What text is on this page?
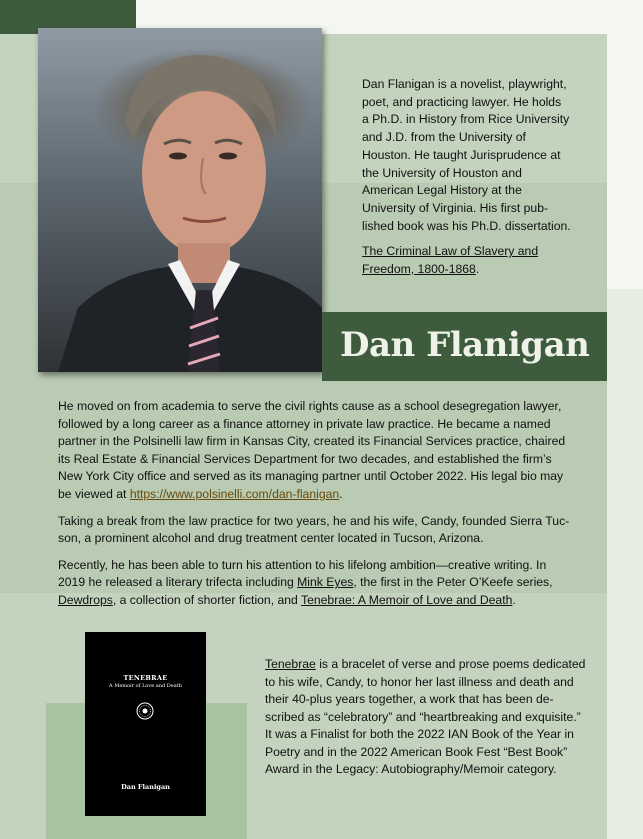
Dan Flanigan is a novelist, playwright,
poet, and practicing lawyer. He holds
a Ph.D. in History from Rice University
and J.D. from the University of
Houston. He taught Jurisprudence at
the University of Houston and
American Legal History at the
University of Virginia. His first pub-
lished book was his Ph.D. dissertation.

The Criminal Law of Slavery and
Freedom, 1800-1868.

Dan Flanigan

He moved on from academia to serve the civil rights cause as a school desegregation lawyer,
followed by a long career as a finance attorney in private law practice. He became a named
partner in the Polsinelli law firm in Kansas City, created its Financial Services practice, chaired
its Real Estate & Financial Services Department for two decades, and established the firm’s
New York City office and served as its managing partner until October 2022. His legal bio may
be viewed at https://www.polsinelli.com/dan-flanigan.

Taking a break from the law practice for two years, he and his wife, Candy, founded Sierra Tuc-
son, a prominent alcohol and drug treatment center located in Tucson, Arizona.

Recently, he has been able to turn his attention to his lifelong ambition—creative writing. In
2019 he released a literary trifecta including Mink Eyes, the first in the Peter O’Keefe series,
Dewdrops, a collection of shorter fiction, and Tenebrae: A Memoir of Love and Death.

TENEBRAE
A Memoir of Love and Death
Dan Flanigan

Tenebrae is a bracelet of verse and prose poems dedicated
to his wife, Candy, to honor her last illness and death and
their 40-plus years together, a work that has been de-
scribed as “celebratory” and “heartbreaking and exquisite.”
It was a Finalist for both the 2022 IAN Book of the Year in
Poetry and in the 2022 American Book Fest “Best Book”
Award in the Legacy: Autobiography/Memoir category.
